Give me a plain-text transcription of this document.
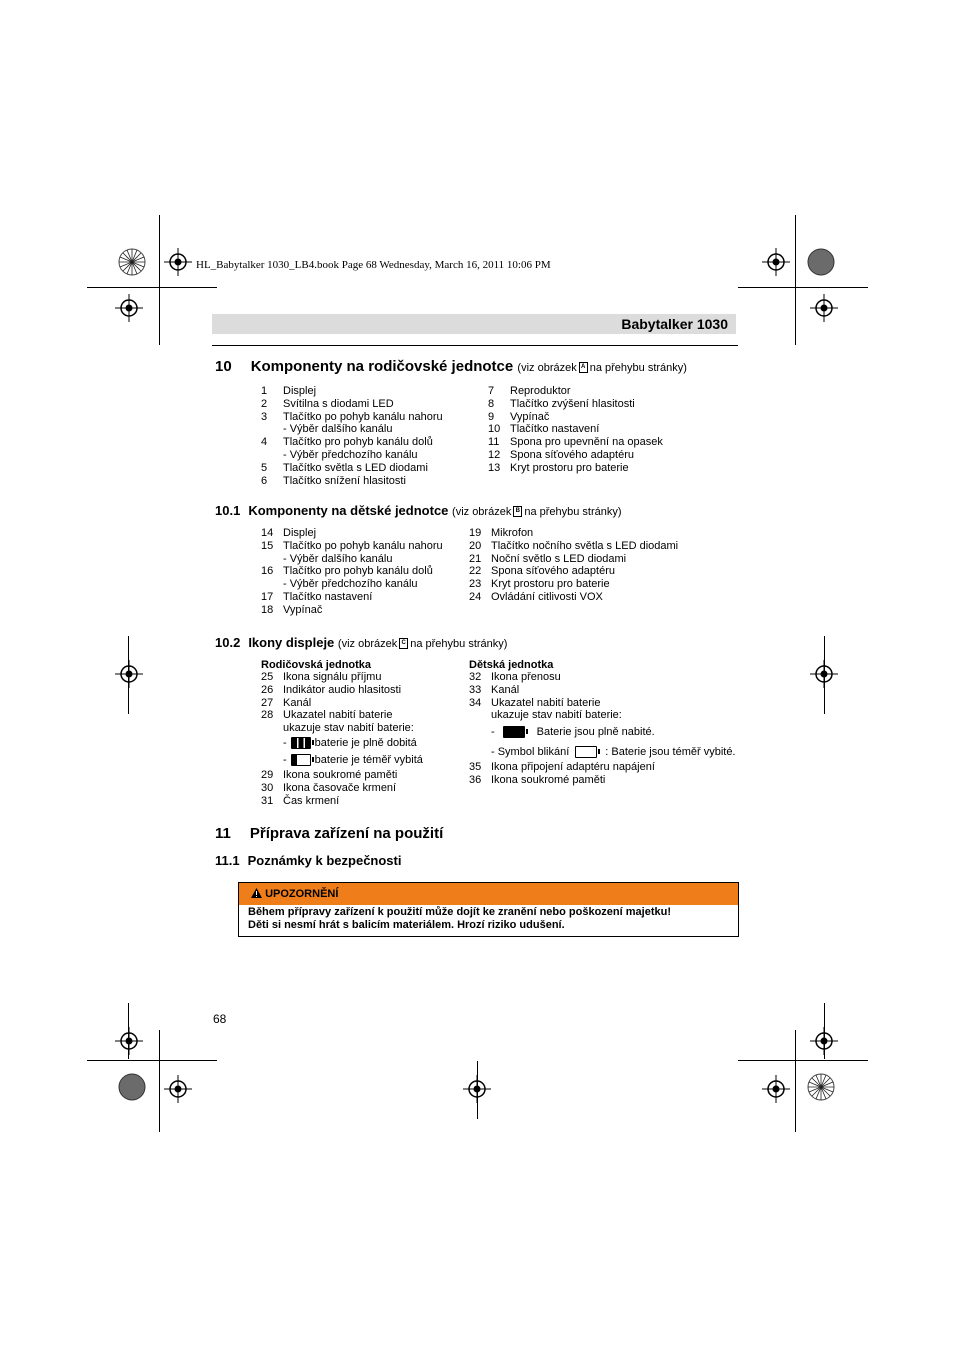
HL_Babytalker 1030_LB4.book Page 68 Wednesday, March 16, 2011 10:06 PM
Babytalker 1030
10 Komponenty na rodičovské jednotce (viz obrázek A na přehybu stránky)
1	Displej
2	Svítilna s diodami LED
3	Tlačítko po pohyb kanálu nahoru
- Výběr dalšího kanálu
4	Tlačítko pro pohyb kanálu dolů
- Výběr předchozího kanálu
5	Tlačítko světla s LED diodami
6	Tlačítko snížení hlasitosti
7	Reproduktor
8	Tlačítko zvýšení hlasitosti
9	Vypínač
10 Tlačítko nastavení
11 Spona pro upevnění na opasek
12 Spona síťového adaptéru
13 Kryt prostoru pro baterie
10.1 Komponenty na dětské jednotce (viz obrázek B na přehybu stránky)
14 Displej
15 Tlačítko po pohyb kanálu nahoru
- Výběr dalšího kanálu
16 Tlačítko pro pohyb kanálu dolů
- Výběr předchozího kanálu
17 Tlačítko nastavení
18 Vypínač
19 Mikrofon
20 Tlačítko nočního světla s LED diodami
21 Noční světlo s LED diodami
22 Spona síťového adaptéru
23 Kryt prostoru pro baterie
24 Ovládání citlivosti VOX
10.2 Ikony displeje (viz obrázek C na přehybu stránky)
Rodičovská jednotka
25 Ikona signálu příjmu
26 Indikátor audio hlasitosti
27 Kanál
28 Ukazatel nabití baterie
ukazuje stav nabití baterie:
-	baterie je plně dobitá
-	baterie je téměř vybitá
29 Ikona soukromé paměti
30 Ikona časovače krmení
31 Čas krmení
Dětská jednotka
32 Ikona přenosu
33 Kanál
34 Ukazatel nabití baterie
ukazuje stav nabití baterie:
-	Baterie jsou plně nabité.
- Symbol blikání	: Baterie jsou téměř vybité.
35 Ikona připojení adaptéru napájení
36 Ikona soukromé paměti
11 Příprava zařízení na použití
11.1 Poznámky k bezpečnosti
UPOZORNĚNÍ
Během přípravy zařízení k použití může dojít ke zranění nebo poškození majetku!
Děti si nesmí hrát s balicím materiálem. Hrozí riziko udušení.
68
